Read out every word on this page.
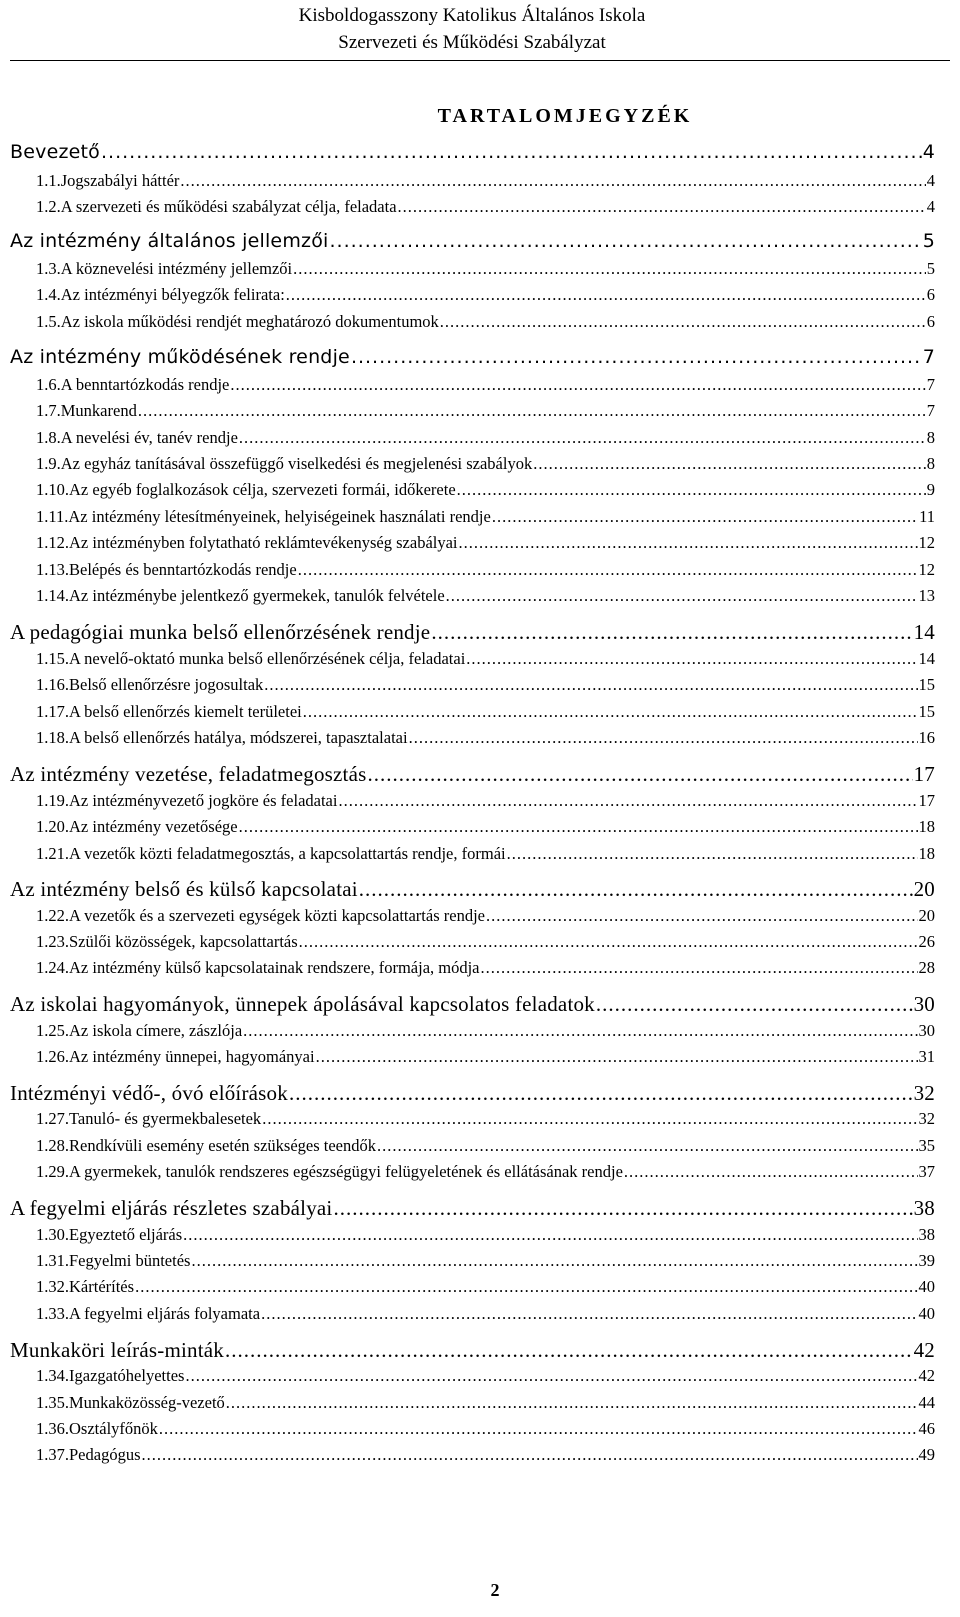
Kisboldogasszony Katolikus Általános Iskola
Szervezeti és Működési Szabályzat
TARTALOMJEGYZÉK
Bevezető .....	4
1.1. Jogszabályi háttér .....	4
1.2. A szervezeti és működési szabályzat célja, feladata .....	4
Az intézmény általános jellemzői .....	5
1.3. A köznevelési intézmény jellemzői .....	5
1.4. Az intézményi bélyegzők felirata: .....	6
1.5. Az iskola működési rendjét meghatározó dokumentumok .....	6
Az intézmény működésének rendje .....	7
1.6. A benntartózkodás rendje .....	7
1.7. Munkarend .....	7
1.8. A nevelési év, tanév rendje .....	8
1.9. Az egyház tanításával összefüggő viselkedési és megjelenési szabályok .....	8
1.10. Az egyéb foglalkozások célja, szervezeti formái, időkerete .....	9
1.11. Az intézmény létesítményeinek, helyiségeinek használati rendje .....	11
1.12. Az intézményben folytatható reklámtevékenység szabályai .....	12
1.13. Belépés és benntartózkodás rendje .....	12
1.14. Az intézménybe jelentkező gyermekek, tanulók felvétele .....	13
A pedagógiai munka belső ellenőrzésének rendje .....	14
1.15. A nevelő-oktató munka belső ellenőrzésének célja, feladatai .....	14
1.16. Belső ellenőrzésre jogosultak .....	15
1.17. A belső ellenőrzés kiemelt területei .....	15
1.18. A belső ellenőrzés hatálya, módszerei, tapasztalatai .....	16
Az intézmény vezetése, feladatmegosztás .....	17
1.19. Az intézményvezető jogköre és feladatai .....	17
1.20. Az intézmény vezetősége .....	18
1.21. A vezetők közti feladatmegosztás, a kapcsolattartás rendje, formái .....	18
Az intézmény belső és külső kapcsolatai .....	20
1.22. A vezetők és a szervezeti egységek közti kapcsolattartás rendje .....	20
1.23. Szülői közösségek, kapcsolattartás .....	26
1.24. Az intézmény külső kapcsolatainak rendszere, formája, módja .....	28
Az iskolai hagyományok, ünnepek ápolásával kapcsolatos feladatok .....	30
1.25. Az iskola címere, zászlója .....	30
1.26. Az intézmény ünnepei, hagyományai .....	31
Intézményi védő-, óvó előírások .....	32
1.27. Tanuló- és gyermekbalesetek .....	32
1.28. Rendkívüli esemény esetén szükséges teendők .....	35
1.29. A gyermekek, tanulók rendszeres egészségügyi felügyeletének és ellátásának rendje .....	37
A fegyelmi eljárás részletes szabályai .....	38
1.30. Egyeztető eljárás .....	38
1.31. Fegyelmi büntetés .....	39
1.32. Kártérítés .....	40
1.33. A fegyelmi eljárás folyamata .....	40
Munkaköri leírás-minták .....	42
1.34. Igazgatóhelyettes .....	42
1.35. Munkaközösség-vezető .....	44
1.36. Osztályfőnök .....	46
1.37. Pedagógus .....	49
2
